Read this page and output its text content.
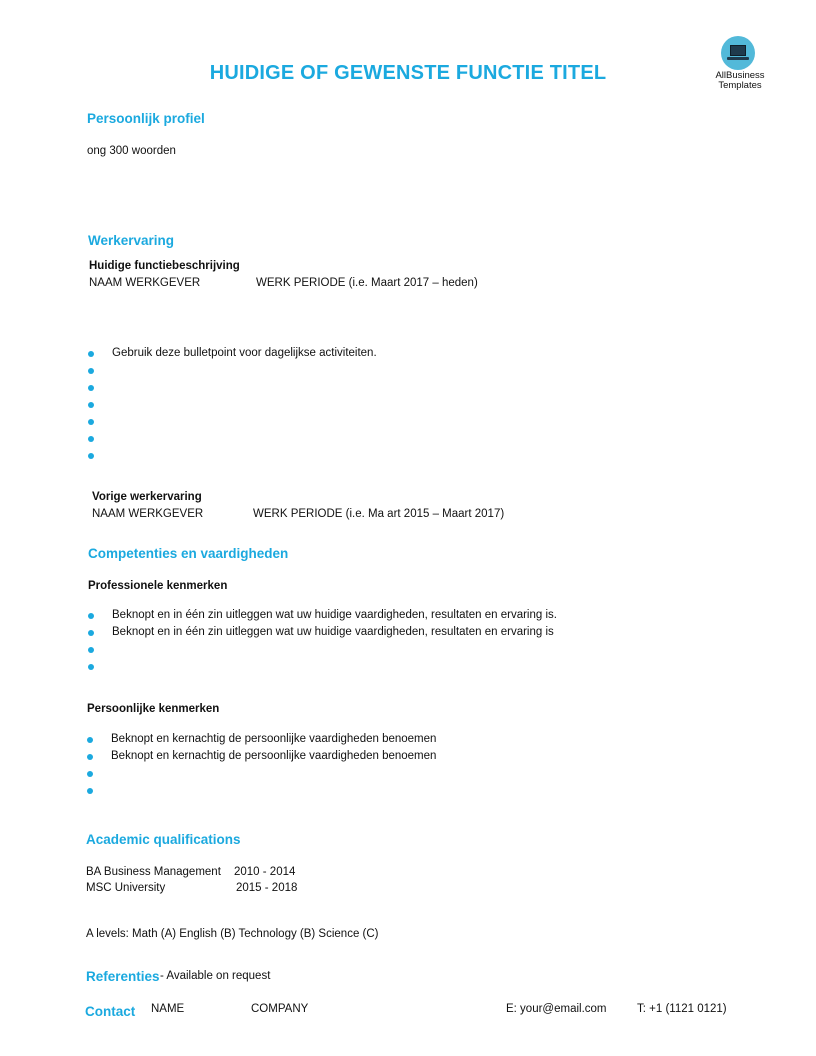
AllBusiness
Templates
HUIDIGE OF GEWENSTE FUNCTIE TITEL
Persoonlijk profiel
ong 300 woorden
Werkervaring
Huidige functiebeschrijving
NAAM WERKGEVER	WERK PERIODE (i.e. Maart 2017 – heden)
Gebruik deze bulletpoint voor dagelijkse activiteiten.
Vorige werkervaring
NAAM WERKGEVER	WERK PERIODE (i.e. Ma art 2015 – Maart 2017)
Competenties en vaardigheden
Professionele kenmerken
Beknopt en in één zin uitleggen wat uw huidige vaardigheden, resultaten en ervaring is.
Beknopt en in één zin uitleggen wat uw huidige vaardigheden, resultaten en ervaring is
Persoonlijke kenmerken
Beknopt en kernachtig de persoonlijke vaardigheden benoemen
Beknopt en kernachtig de persoonlijke vaardigheden benoemen
Academic qualifications
BA Business Management 2010 - 2014
MSC University	2015 - 2018
A levels: Math (A) English (B) Technology (B) Science (C)
Referenties - Available on request
Contact NAME	COMPANY	E: your@email.com	T: +1 (1121 0121)
